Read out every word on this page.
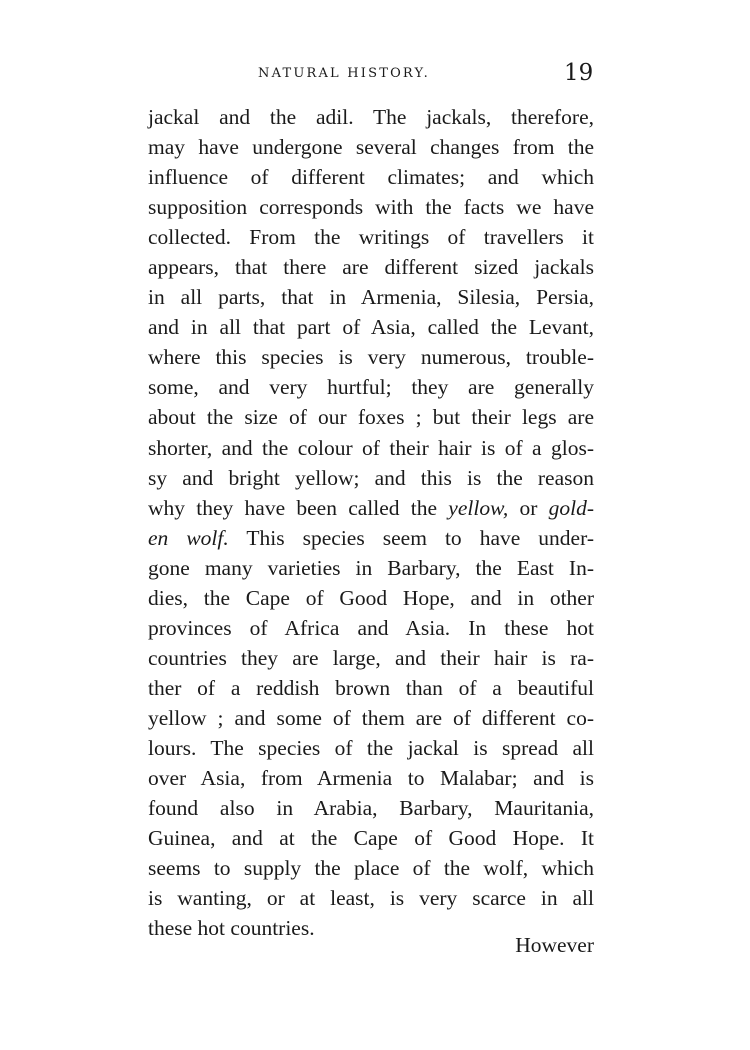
NATURAL HISTORY.	19
jackal and the adil. The jackals, therefore,
may have undergone several changes from the
influence of different climates; and which
supposition corresponds with the facts we have
collected. From the writings of travellers it
appears, that there are different sized jackals
in all parts, that in Armenia, Silesia, Persia,
and in all that part of Asia, called the Levant,
where this species is very numerous, trouble-
some, and very hurtful; they are generally
about the size of our foxes ; but their legs are
shorter, and the colour of their hair is of a glos-
sy and bright yellow; and this is the reason
why they have been called the yellow, or gold-
en wolf. This species seem to have under-
gone many varieties in Barbary, the East In-
dies, the Cape of Good Hope, and in other
provinces of Africa and Asia. In these hot
countries they are large, and their hair is ra-
ther of a reddish brown than of a beautiful
yellow ; and some of them are of different co-
lours. The species of the jackal is spread all
over Asia, from Armenia to Malabar; and is
found also in Arabia, Barbary, Mauritania,
Guinea, and at the Cape of Good Hope. It
seems to supply the place of the wolf, which
is wanting, or at least, is very scarce in all
these hot countries.
However
